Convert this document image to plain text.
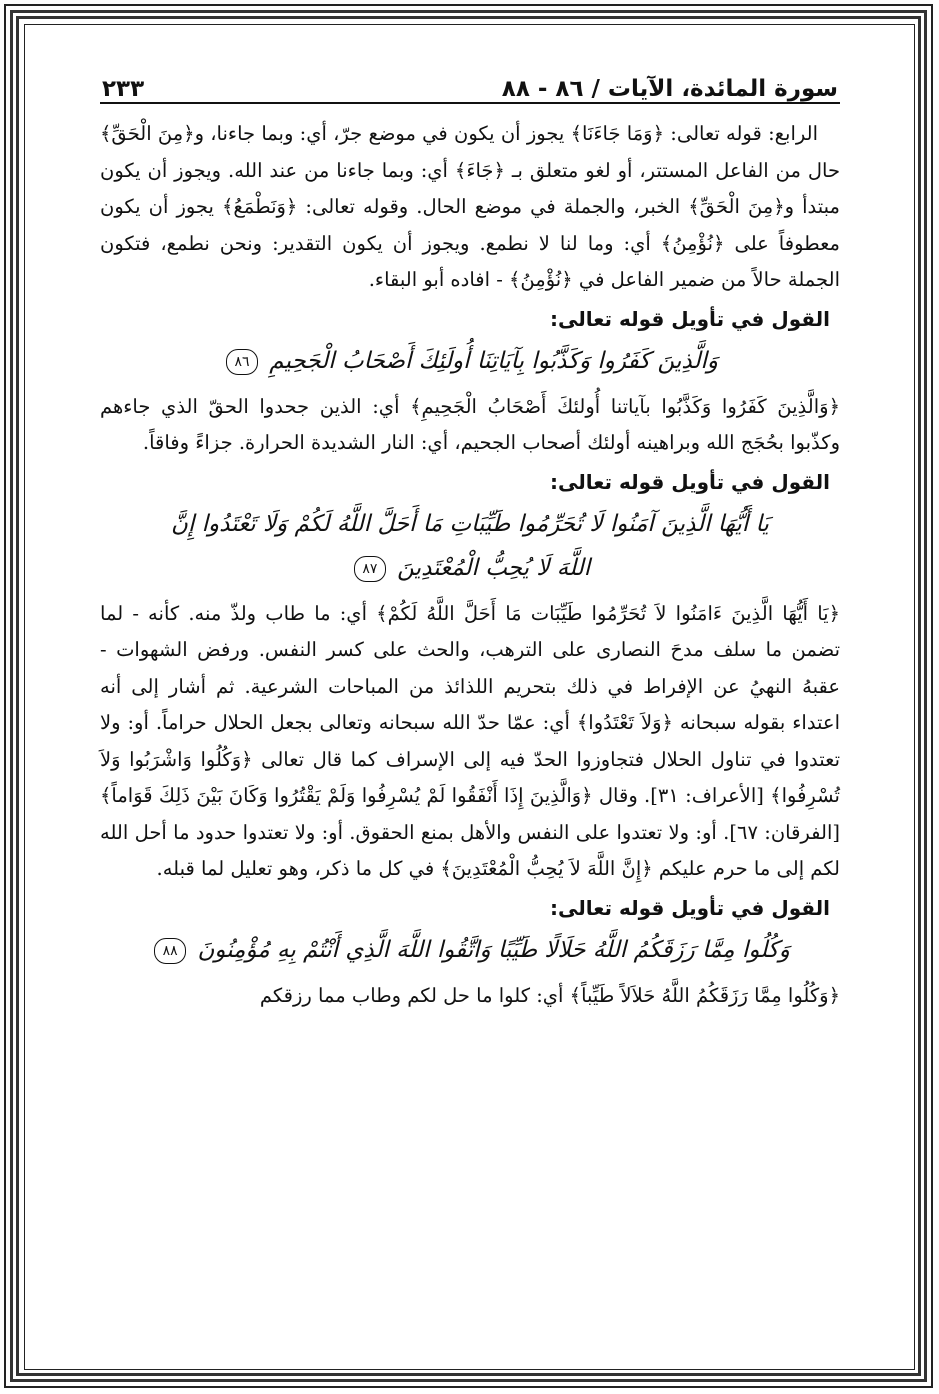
سورة المائدة، الآيات / ٨٦ - ٨٨
٢٣٣

الرابع: قوله تعالى: ﴿وَمَا جَاءَنَا﴾ يجوز أن يكون في موضع جرّ، أي: وبما جاءنا، و﴿مِنَ الْحَقِّ﴾ حال من الفاعل المستتر، أو لغو متعلق بـ ﴿جَاءَ﴾ أي: وبما جاءنا من عند الله. ويجوز أن يكون مبتدأ و﴿مِنَ الْحَقِّ﴾ الخبر، والجملة في موضع الحال. وقوله تعالى: ﴿وَنَطْمَعُ﴾ يجوز أن يكون معطوفاً على ﴿نُؤْمِنُ﴾ أي: وما لنا لا نطمع. ويجوز أن يكون التقدير: ونحن نطمع، فتكون الجملة حالاً من ضمير الفاعل في ﴿نُؤْمِنُ﴾ - افاده أبو البقاء.

القول في تأويل قوله تعالى:
وَالَّذِينَ كَفَرُوا وَكَذَّبُوا بِآيَاتِنَا أُولَئِكَ أَصْحَابُ الْجَحِيمِ ٨٦

﴿وَالَّذِينَ كَفَرُوا وَكَذَّبُوا بآياتنا أُولئكَ أَصْحَابُ الْجَحِيمِ﴾ أي: الذين جحدوا الحقّ الذي جاءهم وكذّبوا بحُجَج الله وبراهينه أولئك أصحاب الجحيم، أي: النار الشديدة الحرارة. جزاءً وفاقاً.

القول في تأويل قوله تعالى:
يَا أَيُّهَا الَّذِينَ آمَنُوا لَا تُحَرِّمُوا طَيِّبَاتِ مَا أَحَلَّ اللَّهُ لَكُمْ وَلَا تَعْتَدُوا إِنَّ
اللَّهَ لَا يُحِبُّ الْمُعْتَدِينَ ٨٧

﴿يَا أَيُّهَا الَّذِينَ ءَامَنُوا لاَ تُحَرِّمُوا طَيِّبَات مَا أَحَلَّ اللَّهُ لَكُمْ﴾ أي: ما طاب ولذّ منه. كأنه - لما تضمن ما سلف مدحَ النصارى على الترهب، والحث على كسر النفس. ورفض الشهوات - عقبهُ النهيُ عن الإفراط في ذلك بتحريم اللذائذ من المباحات الشرعية. ثم أشار إلى أنه اعتداء بقوله سبحانه ﴿وَلاَ تَعْتَدُوا﴾ أي: عمّا حدّ الله سبحانه وتعالى بجعل الحلال حراماً. أو: ولا تعتدوا في تناول الحلال فتجاوزوا الحدّ فيه إلى الإسراف كما قال تعالى ﴿وَكُلُوا وَاشْرَبُوا وَلاَ تُسْرِفُوا﴾ [الأعراف: ٣١]. وقال ﴿وَالَّذِينَ إِذَا أَنْفَقُوا لَمْ يُسْرِفُوا وَلَمْ يَقْتُرُوا وَكَانَ بَيْنَ ذَلِكَ قَوَاماً﴾ [الفرقان: ٦٧]. أو: ولا تعتدوا على النفس والأهل بمنع الحقوق. أو: ولا تعتدوا حدود ما أحل الله لكم إلى ما حرم عليكم ﴿إِنَّ اللَّهَ لاَ يُحِبُّ الْمُعْتَدِينَ﴾ في كل ما ذكر، وهو تعليل لما قبله.

القول في تأويل قوله تعالى:
وَكُلُوا مِمَّا رَزَقَكُمُ اللَّهُ حَلَالًا طَيِّبًا وَاتَّقُوا اللَّهَ الَّذِي أَنْتُمْ بِهِ مُؤْمِنُونَ ٨٨

﴿وَكُلُوا مِمَّا رَزَقَكُمُ اللَّهُ حَلاَلاً طَيِّباً﴾ أي: كلوا ما حل لكم وطاب مما رزقكم
